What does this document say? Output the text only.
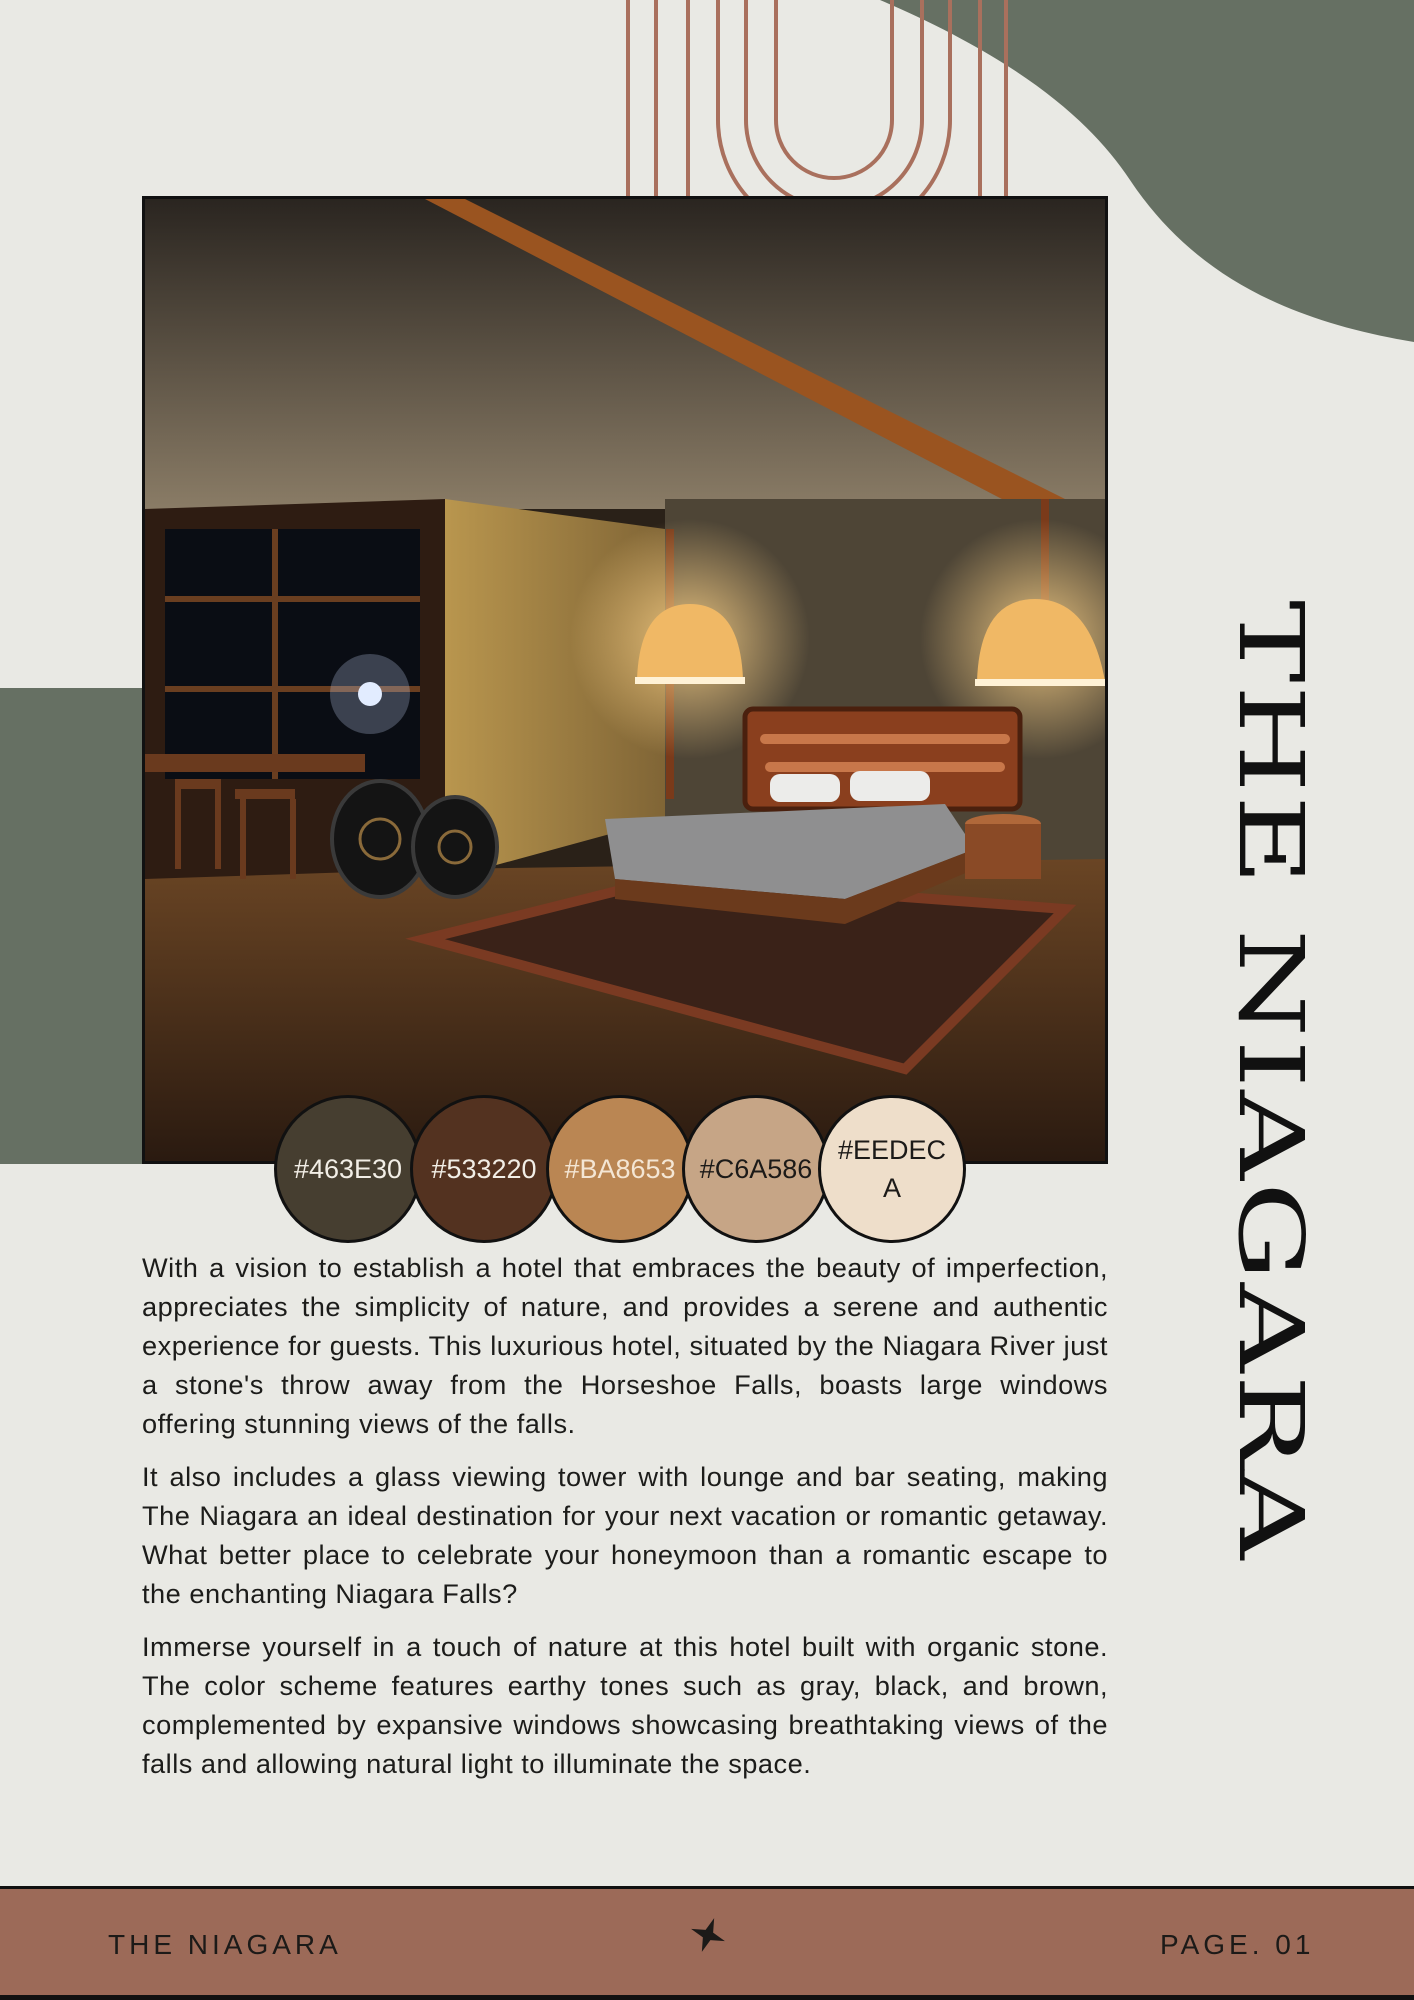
THE NIAGARA
#463E30 #533220 #BA8653 #C6A586
#EEDECA

With a vision to establish a hotel that embraces the beauty of imperfection, appreciates the simplicity of nature, and provides a serene and authentic experience for guests. This luxurious hotel, situated by the Niagara River just a stone's throw away from the Horseshoe Falls, boasts large windows offering stunning views of the falls.

It also includes a glass viewing tower with lounge and bar seating, making The Niagara an ideal destination for your next vacation or romantic getaway. What better place to celebrate your honeymoon than a romantic escape to the enchanting Niagara Falls?

Immerse yourself in a touch of nature at this hotel built with organic stone. The color scheme features earthy tones such as gray, black, and brown, complemented by expansive windows showcasing breathtaking views of the falls and allowing natural light to illuminate the space.

THE NIAGARA	PAGE. 01
